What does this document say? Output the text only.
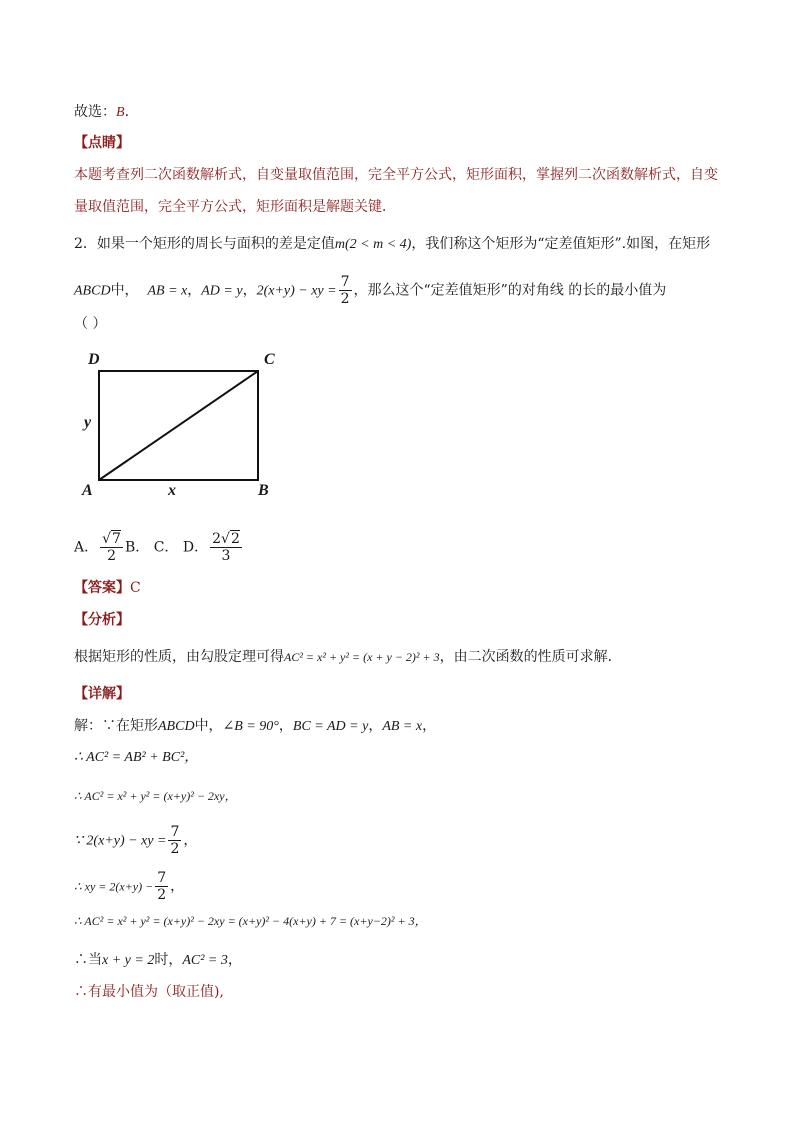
故选：B.
【点睛】
本题考查列二次函数解析式，自变量取值范围，完全平方公式，矩形面积，掌握列二次函数解析式，自变
量取值范围，完全平方公式，矩形面积是解题关键．
2．如果一个矩形的周长与面积的差是定值m(2 < m < 4)，我们称这个矩形为“定差值矩形”.如图，在矩形
ABCD中， AB = x，AD = y，2(x+y) − xy = $\frac{7}{2}$ ，那么这个“定差值矩形”的对角线 的长的最小值为
（ ）
D	C
A	B
y
x
A． $\frac{√7}{2}$ B． C． D． $\frac{2√2}{3}$
【答案】C
【分析】
根据矩形的性质，由勾股定理可得AC² = x² + y² = (x + y − 2)² + 3，由二次函数的性质可求解．
【详解】
解：∵在矩形ABCD中，∠B = 90°，BC = AD = y，AB = x，
∴ AC² = AB² + BC²，
∴ AC² = x² + y² = (x+y)² − 2xy，
∵ 2(x+y) − xy = $\frac{7}{2}$ ，
∴ xy = $2(x+y) - \frac{7}{2}$ ，
∴ AC² = x² + y² = (x+y)² − 2xy = (x+y)² − 4(x+y) + 7 = (x+y−2)² + 3，
∴当x + y = 2时，AC² = 3，
∴有最小值为（取正值),
